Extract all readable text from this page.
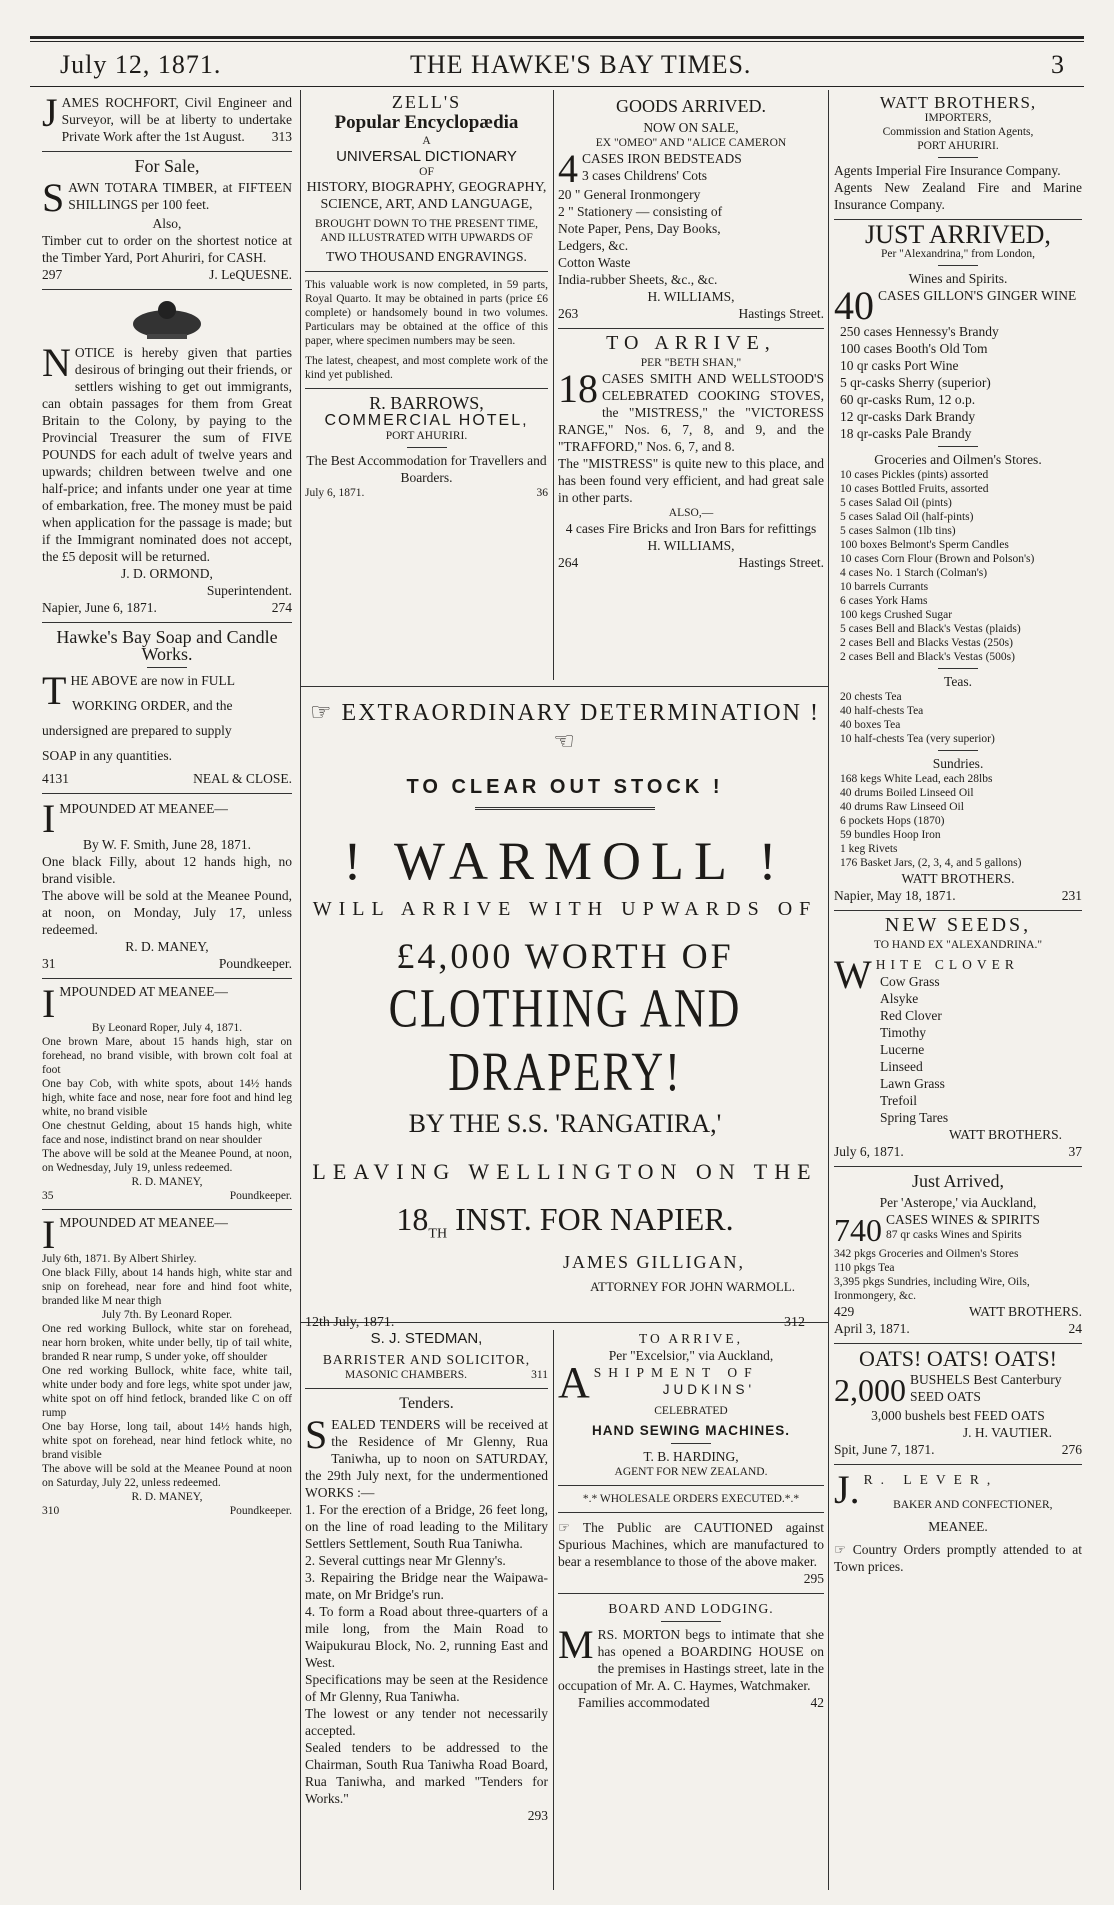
July 12, 1871.	THE HAWKE'S BAY TIMES.	3
JAMES ROCHFORT, Civil Engineer and Surveyor, will be at liberty to undertake Private Work after the 1st August. 313
For Sale,
SAWN TOTARA TIMBER, at FIFTEEN SHILLINGS per 100 feet.
Also,
Timber cut to order on the shortest notice at the Timber Yard, Port Ahuriri, for CASH.
297	J. LeQUESNE.
NOTICE is hereby given that parties desirous of bringing out their friends, or settlers wishing to get out immigrants, can obtain passages for them from Great Britain to the Colony, by paying to the Provincial Treasurer the sum of FIVE POUNDS for each adult of twelve years and upwards; children between twelve and one half-price; and infants under one year at time of embarkation, free. The money must be paid when application for the passage is made; but if the Immigrant nominated does not accept, the £5 deposit will be returned.
J. D. ORMOND,
Superintendent.
Napier, June 6, 1871.	274
Hawke's Bay Soap and Candle Works.
THE ABOVE are now in FULL
WORKING ORDER, and the
undersigned are prepared to supply
SOAP in any quantities.
4131	NEAL & CLOSE.
IMPOUNDED AT MEANEE—
By W. F. Smith, June 28, 1871.
One black Filly, about 12 hands high, no brand visible.
The above will be sold at the Meanee Pound, at noon, on Monday, July 17, unless redeemed.
R. D. MANEY,
31	Poundkeeper.
IMPOUNDED AT MEANEE—
By Leonard Roper, July 4, 1871.
One brown Mare, about 15 hands high, star on forehead, no brand visible, with brown colt foal at foot
One bay Cob, with white spots, about 14½ hands high, white face and nose, near fore foot and hind leg white, no brand visible
One chestnut Gelding, about 15 hands high, white face and nose, indistinct brand on near shoulder
The above will be sold at the Meanee Pound, at noon, on Wednesday, July 19, unless redeemed.
R. D. MANEY,
35	Poundkeeper.
IMPOUNDED AT MEANEE—
July 6th, 1871. By Albert Shirley.
One black Filly, about 14 hands high, white star and snip on forehead, near fore and hind foot white, branded like M near thigh
July 7th. By Leonard Roper.
One red working Bullock, white star on forehead, near horn broken, white under belly, tip of tail white, branded R near rump, S under yoke, off shoulder
One red working Bullock, white face, white tail, white under body and fore legs, white spot under jaw, white spot on off hind fetlock, branded like C on off rump
One bay Horse, long tail, about 14½ hands high, white spot on forehead, near hind fetlock white, no brand visible
The above will be sold at the Meanee Pound at noon on Saturday, July 22, unless redeemed.
R. D. MANEY,
310	Poundkeeper.
ZELL'S
Popular Encyclopædia
A
UNIVERSAL DICTIONARY
OF
HISTORY, BIOGRAPHY, GEOGRAPHY, SCIENCE, ART, AND LANGUAGE,
BROUGHT DOWN TO THE PRESENT TIME, AND ILLUSTRATED WITH UPWARDS OF
TWO THOUSAND ENGRAVINGS.
This valuable work is now completed, in 59 parts, Royal Quarto. It may be obtained in parts (price £6 complete) or handsomely bound in two volumes. Particulars may be obtained at the office of this paper, where specimen numbers may be seen.
The latest, cheapest, and most complete work of the kind yet published.
R. BARROWS,
COMMERCIAL HOTEL,
PORT AHURIRI.
The Best Accommodation for Travellers and Boarders.
July 6, 1871.	36
GOODS ARRIVED.
NOW ON SALE,
EX "OMEO" AND "ALICE CAMERON
4 CASES IRON BEDSTEADS
3 cases Childrens' Cots
20 " General Ironmongery
2 " Stationery — consisting of
Note Paper, Pens, Day Books,
Ledgers, &c.
Cotton Waste
India-rubber Sheets, &c., &c.
H. WILLIAMS,
263	Hastings Street.
TO ARRIVE,
PER "BETH SHAN,"
18 CASES SMITH AND WELLSTOOD'S CELEBRATED COOKING STOVES, the "MISTRESS," the "VICTORESS RANGE," Nos. 6, 7, 8, and 9, and the "TRAFFORD," Nos. 6, 7, and 8.
The "MISTRESS" is quite new to this place, and has been found very efficient, and had great sale in other parts.
ALSO,—
4 cases Fire Bricks and Iron Bars for refittings
H. WILLIAMS,
264	Hastings Street.
☞ EXTRAORDINARY DETERMINATION ! ☜
TO CLEAR OUT STOCK !
! WARMOLL !
WILL ARRIVE WITH UPWARDS OF
£4,000 WORTH OF
CLOTHING AND DRAPERY!
BY THE S.S. 'RANGATIRA,'
LEAVING WELLINGTON ON THE
$18_{TH}$ INST. FOR NAPIER.
JAMES GILLIGAN,
ATTORNEY FOR JOHN WARMOLL.
12th July, 1871.	312
S. J. STEDMAN,
BARRISTER AND SOLICITOR,
MASONIC CHAMBERS.	311
Tenders.
SEALED TENDERS will be received at the Residence of Mr Glenny, Rua Taniwha, up to noon on SATURDAY, the 29th July next, for the undermentioned WORKS :—
1. For the erection of a Bridge, 26 feet long, on the line of road leading to the Military Settlers Settlement, South Rua Taniwha.
2. Several cuttings near Mr Glenny's.
3. Repairing the Bridge near the Waipawa-mate, on Mr Bridge's run.
4. To form a Road about three-quarters of a mile long, from the Main Road to Waipukurau Block, No. 2, running East and West.
Specifications may be seen at the Residence of Mr Glenny, Rua Taniwha.
The lowest or any tender not necessarily accepted.
Sealed tenders to be addressed to the Chairman, South Rua Taniwha Road Board, Rua Taniwha, and marked "Tenders for Works."
293
TO ARRIVE,
Per "Excelsior," via Auckland,
ASHIPMENT OF
JUDKINS'
CELEBRATED
HAND SEWING MACHINES.
T. B. HARDING,
AGENT FOR NEW ZEALAND.
*.* WHOLESALE ORDERS EXECUTED.*.*
☞ The Public are CAUTIONED against Spurious Machines, which are manufactured to bear a resemblance to those of the above maker.
295
BOARD AND LODGING.
MRS. MORTON begs to intimate that she has opened a BOARDING HOUSE on the premises in Hastings street, late in the occupation of Mr. A. C. Haymes, Watchmaker.
Families accommodated	42
WATT BROTHERS,
IMPORTERS,
Commission and Station Agents,
PORT AHURIRI.
Agents Imperial Fire Insurance Company.
Agents New Zealand Fire and Marine Insurance Company.
JUST ARRIVED,
Per "Alexandrina," from London,
Wines and Spirits.
40 CASES GILLON'S GINGER WINE
250 cases Hennessy's Brandy
100 cases Booth's Old Tom
10 qr casks Port Wine
5 qr-casks Sherry (superior)
60 qr-casks Rum, 12 o.p.
12 qr-casks Dark Brandy
18 qr-casks Pale Brandy
Groceries and Oilmen's Stores.
10 cases Pickles (pints) assorted
10 cases Bottled Fruits, assorted
5 cases Salad Oil (pints)
5 cases Salad Oil (half-pints)
5 cases Salmon (1lb tins)
100 boxes Belmont's Sperm Candles
10 cases Corn Flour (Brown and Polson's)
4 cases No. 1 Starch (Colman's)
10 barrels Currants
6 cases York Hams
100 kegs Crushed Sugar
5 cases Bell and Black's Vestas (plaids)
2 cases Bell and Blacks Vestas (250s)
2 cases Bell and Black's Vestas (500s)
Teas.
20 chests Tea
40 half-chests Tea
40 boxes Tea
10 half-chests Tea (very superior)
Sundries.
168 kegs White Lead, each 28lbs
40 drums Boiled Linseed Oil
40 drums Raw Linseed Oil
6 pockets Hops (1870)
59 bundles Hoop Iron
1 keg Rivets
176 Basket Jars, (2, 3, 4, and 5 gallons)
WATT BROTHERS.
Napier, May 18, 1871.	231
NEW SEEDS,
TO HAND EX "ALEXANDRINA."
WHITE CLOVER
Cow Grass
Alsyke
Red Clover
Timothy
Lucerne
Linseed
Lawn Grass
Trefoil
Spring Tares
WATT BROTHERS.
July 6, 1871.	37
Just Arrived,
Per 'Asterope,' via Auckland,
740 CASES WINES & SPIRITS
87 qr casks Wines and Spirits
342 pkgs Groceries and Oilmen's Stores
110 pkgs Tea
3,395 pkgs Sundries, including Wire, Oils, Ironmongery, &c.
429	WATT BROTHERS.
April 3, 1871.	24
OATS! OATS! OATS!
2,000 BUSHELS Best Canterbury SEED OATS
3,000 bushels best FEED OATS
J. H. VAUTIER.
Spit, June 7, 1871.	276
J. R. LEVER,
BAKER AND CONFECTIONER,
MEANEE.
☞ Country Orders promptly attended to at Town prices.
